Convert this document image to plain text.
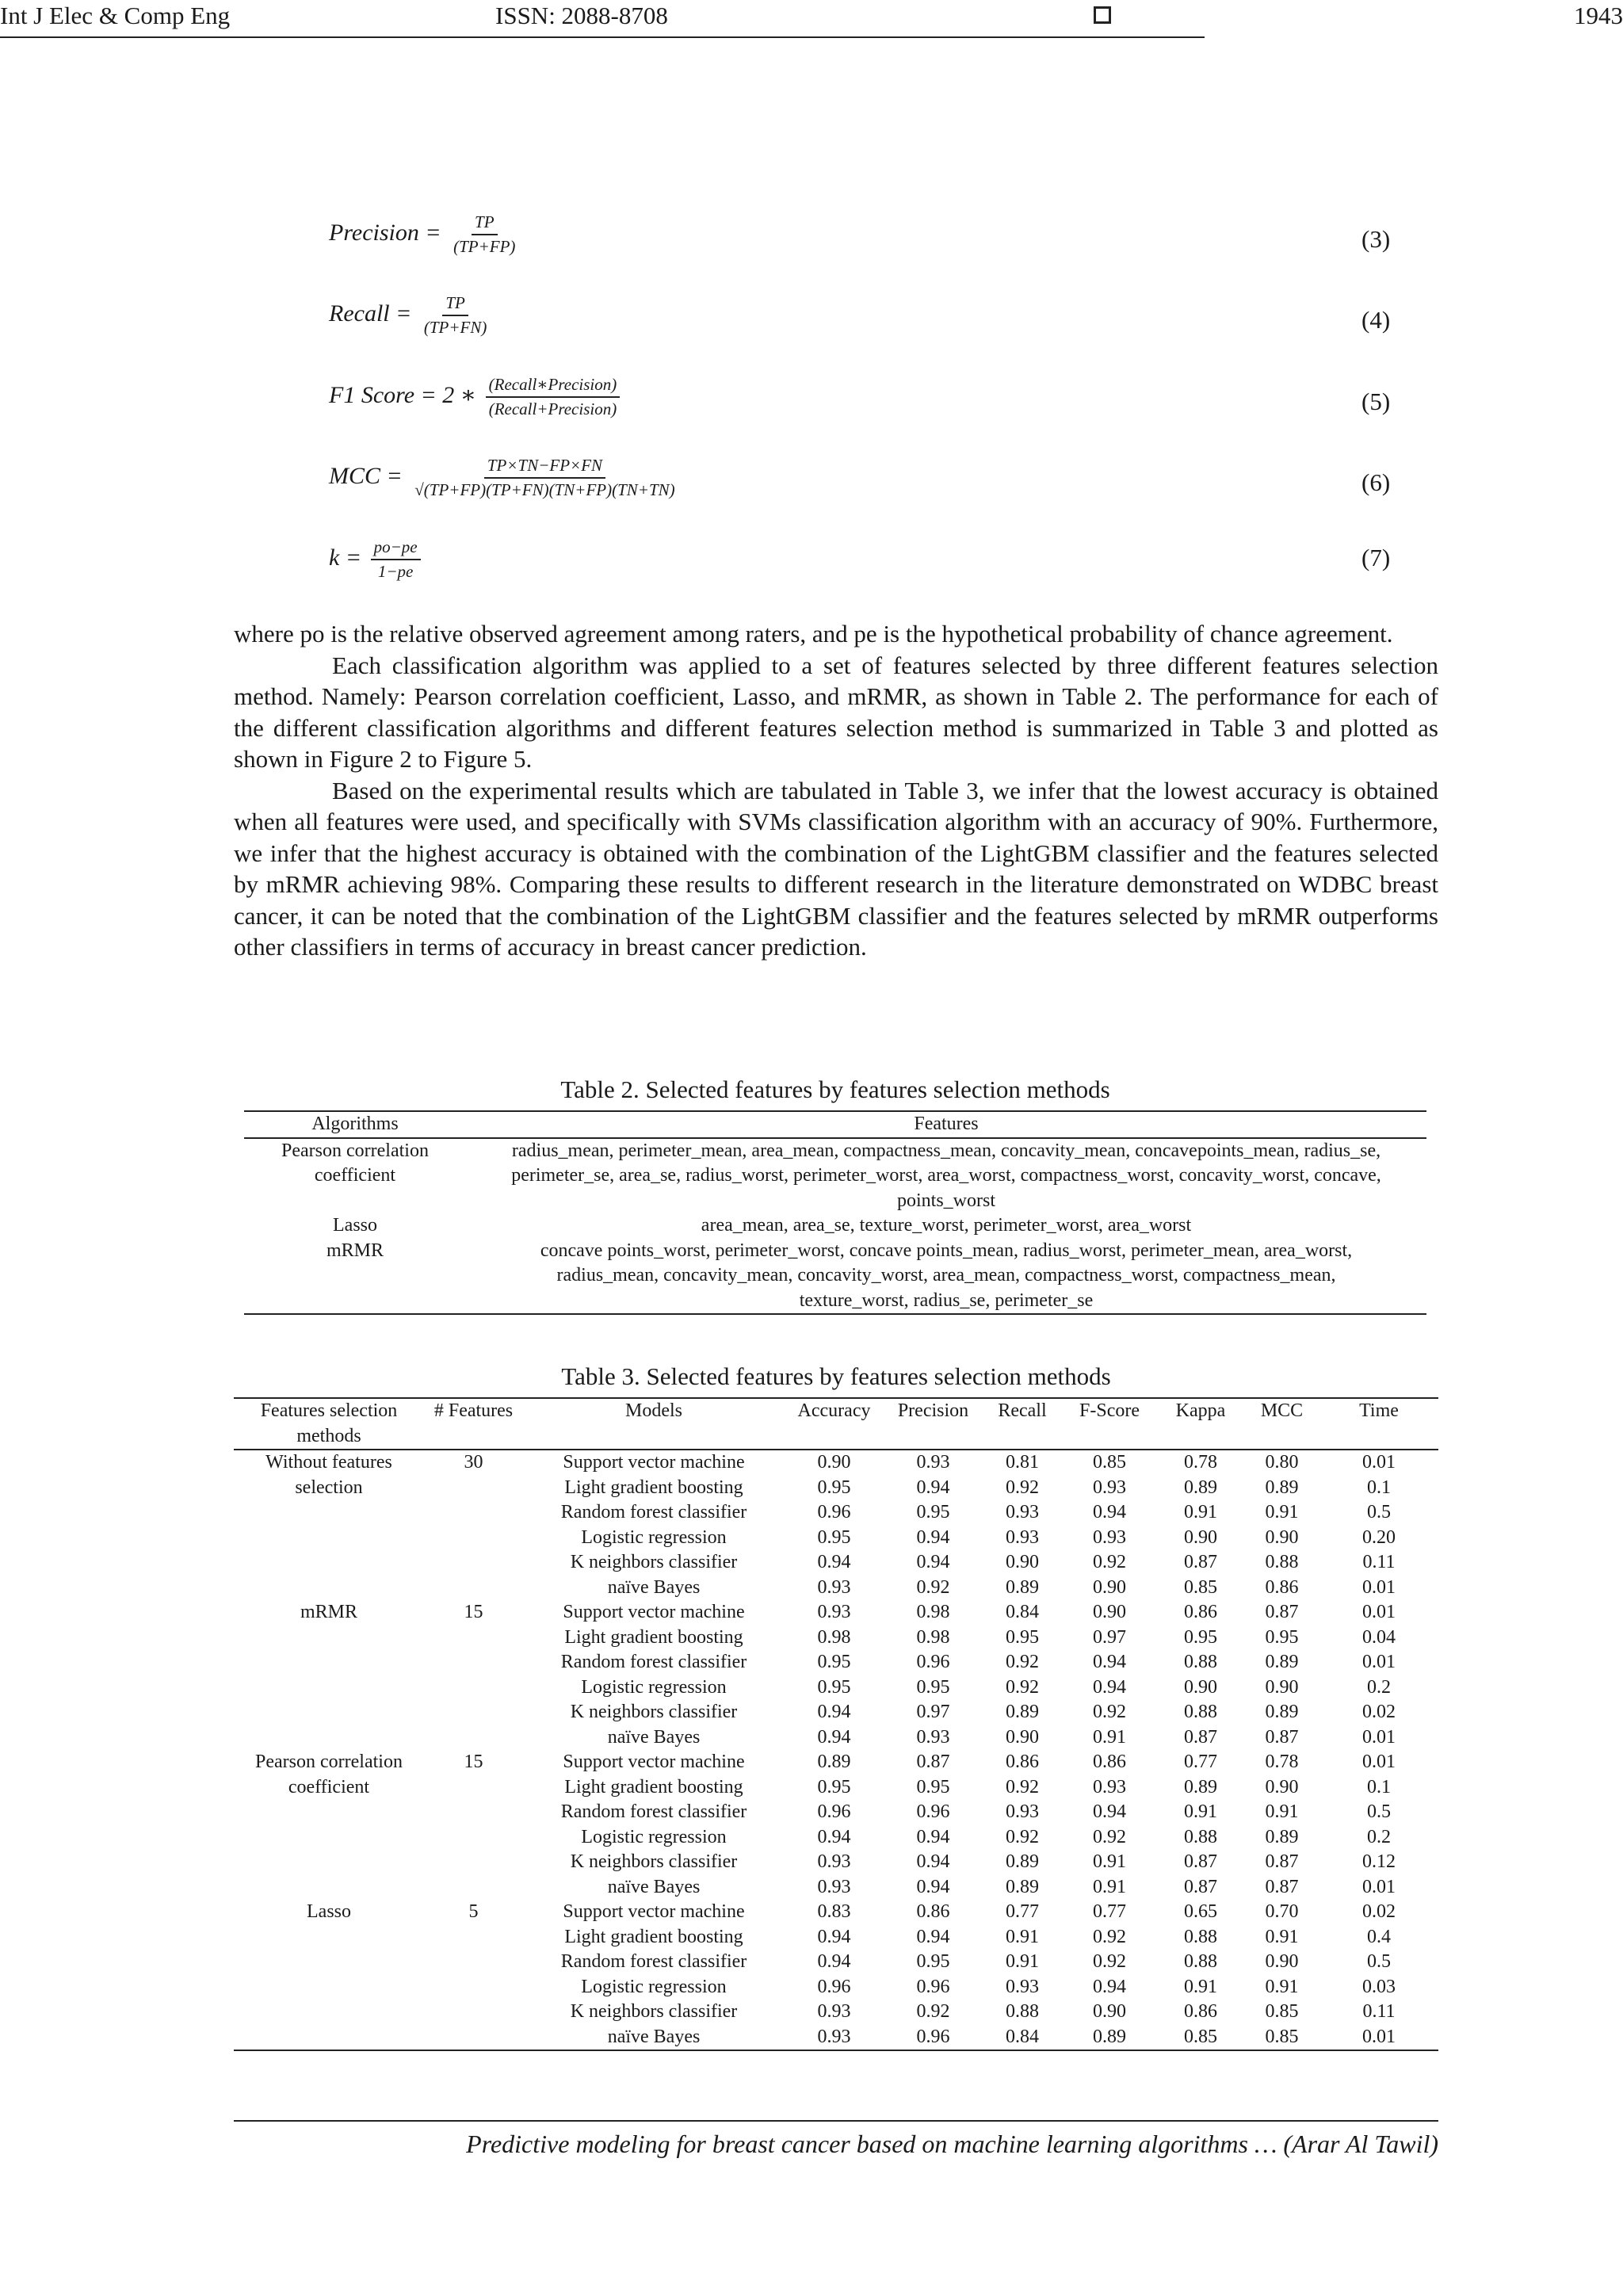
Int J Elec & Comp Eng	ISSN: 2088-8708	1943
Precision = $\frac{TP}{(TP+FP)}$	(3)
Recall = $\frac{TP}{(TP+FN)}$	(4)
F1 Score = 2 ∗ $\frac{\text{(Recall∗Precision)}}{\text{(Recall+Precision)}}$	(5)
MCC = $\frac{TP\times TN-FP\times FN}{√(TP+FP)(TP+FN)(TN+FP)(TN+TN)}$	(6)
$k = \frac{po-pe}{1-pe}$	(7)

where po is the relative observed agreement among raters, and pe is the hypothetical probability of chance agreement.

Each classification algorithm was applied to a set of features selected by three different features selection method. Namely: Pearson correlation coefficient, Lasso, and mRMR, as shown in Table 2. The performance for each of the different classification algorithms and different features selection method is summarized in Table 3 and plotted as shown in Figure 2 to Figure 5.

Based on the experimental results which are tabulated in Table 3, we infer that the lowest accuracy is obtained when all features were used, and specifically with SVMs classification algorithm with an accuracy of 90%. Furthermore, we infer that the highest accuracy is obtained with the combination of the LightGBM classifier and the features selected by mRMR achieving 98%. Comparing these results to different research in the literature demonstrated on WDBC breast cancer, it can be noted that the combination of the LightGBM classifier and the features selected by mRMR outperforms other classifiers in terms of accuracy in breast cancer prediction.

Table 2. Selected features by features selection methods
Algorithms	Features
Pearson correlation coefficient	radius_mean, perimeter_mean, area_mean, compactness_mean, concavity_mean, concavepoints_mean, radius_se, perimeter_se, area_se, radius_worst, perimeter_worst, area_worst, compactness_worst, concavity_worst, concave, points_worst
Lasso	area_mean, area_se, texture_worst, perimeter_worst, area_worst
mRMR	concave points_worst, perimeter_worst, concave points_mean, radius_worst, perimeter_mean, area_worst, radius_mean, concavity_mean, concavity_worst, area_mean, compactness_worst, compactness_mean, texture_worst, radius_se, perimeter_se
Table 3. Selected features by features selection methods
Features selection methods	# Features	Models	Accuracy	Precision	Recall	F-Score	Kappa	MCC	Time
Without features selection	30	Support vector machine	0.90	0.93	0.81	0.85	0.78	0.80	0.01
		Light gradient boosting	0.95	0.94	0.92	0.93	0.89	0.89	0.1
		Random forest classifier	0.96	0.95	0.93	0.94	0.91	0.91	0.5
		Logistic regression	0.95	0.94	0.93	0.93	0.90	0.90	0.20
		K neighbors classifier	0.94	0.94	0.90	0.92	0.87	0.88	0.11
		naïve Bayes	0.93	0.92	0.89	0.90	0.85	0.86	0.01
mRMR	15	Support vector machine	0.93	0.98	0.84	0.90	0.86	0.87	0.01
		Light gradient boosting	0.98	0.98	0.95	0.97	0.95	0.95	0.04
		Random forest classifier	0.95	0.96	0.92	0.94	0.88	0.89	0.01
		Logistic regression	0.95	0.95	0.92	0.94	0.90	0.90	0.2
		K neighbors classifier	0.94	0.97	0.89	0.92	0.88	0.89	0.02
		naïve Bayes	0.94	0.93	0.90	0.91	0.87	0.87	0.01
Pearson correlation coefficient	15	Support vector machine	0.89	0.87	0.86	0.86	0.77	0.78	0.01
		Light gradient boosting	0.95	0.95	0.92	0.93	0.89	0.90	0.1
		Random forest classifier	0.96	0.96	0.93	0.94	0.91	0.91	0.5
		Logistic regression	0.94	0.94	0.92	0.92	0.88	0.89	0.2
		K neighbors classifier	0.93	0.94	0.89	0.91	0.87	0.87	0.12
		naïve Bayes	0.93	0.94	0.89	0.91	0.87	0.87	0.01
Lasso	5	Support vector machine	0.83	0.86	0.77	0.77	0.65	0.70	0.02
		Light gradient boosting	0.94	0.94	0.91	0.92	0.88	0.91	0.4
		Random forest classifier	0.94	0.95	0.91	0.92	0.88	0.90	0.5
		Logistic regression	0.96	0.96	0.93	0.94	0.91	0.91	0.03
		K neighbors classifier	0.93	0.92	0.88	0.90	0.86	0.85	0.11
		naïve Bayes	0.93	0.96	0.84	0.89	0.85	0.85	0.01
Predictive modeling for breast cancer based on machine learning algorithms … (Arar Al Tawil)
